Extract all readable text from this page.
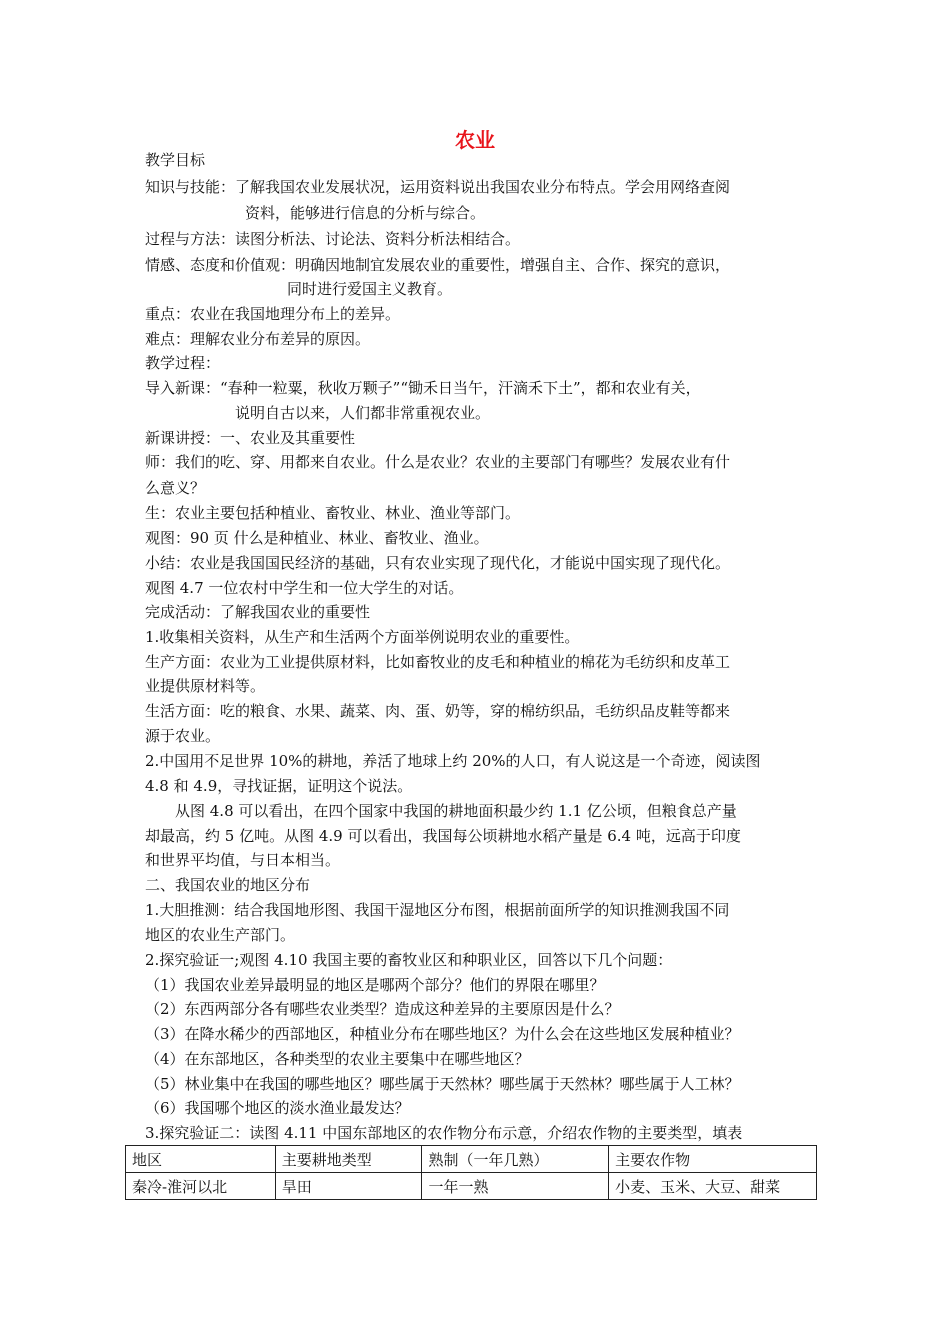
农业
教学目标
知识与技能：了解我国农业发展状况，运用资料说出我国农业分布特点。学会用网络查阅
资料，能够进行信息的分析与综合。
过程与方法：读图分析法、讨论法、资料分析法相结合。
情感、态度和价值观：明确因地制宜发展农业的重要性，增强自主、合作、探究的意识，
同时进行爱国主义教育。
重点：农业在我国地理分布上的差异。
难点：理解农业分布差异的原因。
教学过程：
导入新课：“春种一粒粟，秋收万颗子”“锄禾日当午，汗滴禾下土”，都和农业有关，
说明自古以来，人们都非常重视农业。
新课讲授：一、农业及其重要性
师：我们的吃、穿、用都来自农业。什么是农业？农业的主要部门有哪些？发展农业有什
么意义？
生：农业主要包括种植业、畜牧业、林业、渔业等部门。
观图：90 页 什么是种植业、林业、畜牧业、渔业。
小结：农业是我国国民经济的基础，只有农业实现了现代化，才能说中国实现了现代化。
观图 4.7 一位农村中学生和一位大学生的对话。
完成活动：了解我国农业的重要性
1.收集相关资料，从生产和生活两个方面举例说明农业的重要性。
生产方面：农业为工业提供原材料，比如畜牧业的皮毛和种植业的棉花为毛纺织和皮革工
业提供原材料等。
生活方面：吃的粮食、水果、蔬菜、肉、蛋、奶等，穿的棉纺织品，毛纺织品皮鞋等都来
源于农业。
2.中国用不足世界 10%的耕地，养活了地球上约 20%的人口，有人说这是一个奇迹，阅读图
4.8 和 4.9，寻找证据，证明这个说法。
从图 4.8 可以看出，在四个国家中我国的耕地面积最少约 1.1 亿公顷，但粮食总产量
却最高，约 5 亿吨。从图 4.9 可以看出，我国每公顷耕地水稻产量是 6.4 吨，远高于印度
和世界平均值，与日本相当。
二、我国农业的地区分布
1.大胆推测：结合我国地形图、我国干湿地区分布图，根据前面所学的知识推测我国不同
地区的农业生产部门。
2.探究验证一;观图 4.10 我国主要的畜牧业区和种职业区，回答以下几个问题：
（1）我国农业差异最明显的地区是哪两个部分？他们的界限在哪里？
（2）东西两部分各有哪些农业类型？造成这种差异的主要原因是什么？
（3）在降水稀少的西部地区，种植业分布在哪些地区？为什么会在这些地区发展种植业？
（4）在东部地区，各种类型的农业主要集中在哪些地区？
（5）林业集中在我国的哪些地区？哪些属于天然林？哪些属于天然林？哪些属于人工林？
（6）我国哪个地区的淡水渔业最发达？
3.探究验证二：读图 4.11 中国东部地区的农作物分布示意，介绍农作物的主要类型，填表
地区	主要耕地类型	熟制（一年几熟）	主要农作物
秦冷-淮河以北	旱田	一年一熟	小麦、玉米、大豆、甜菜
